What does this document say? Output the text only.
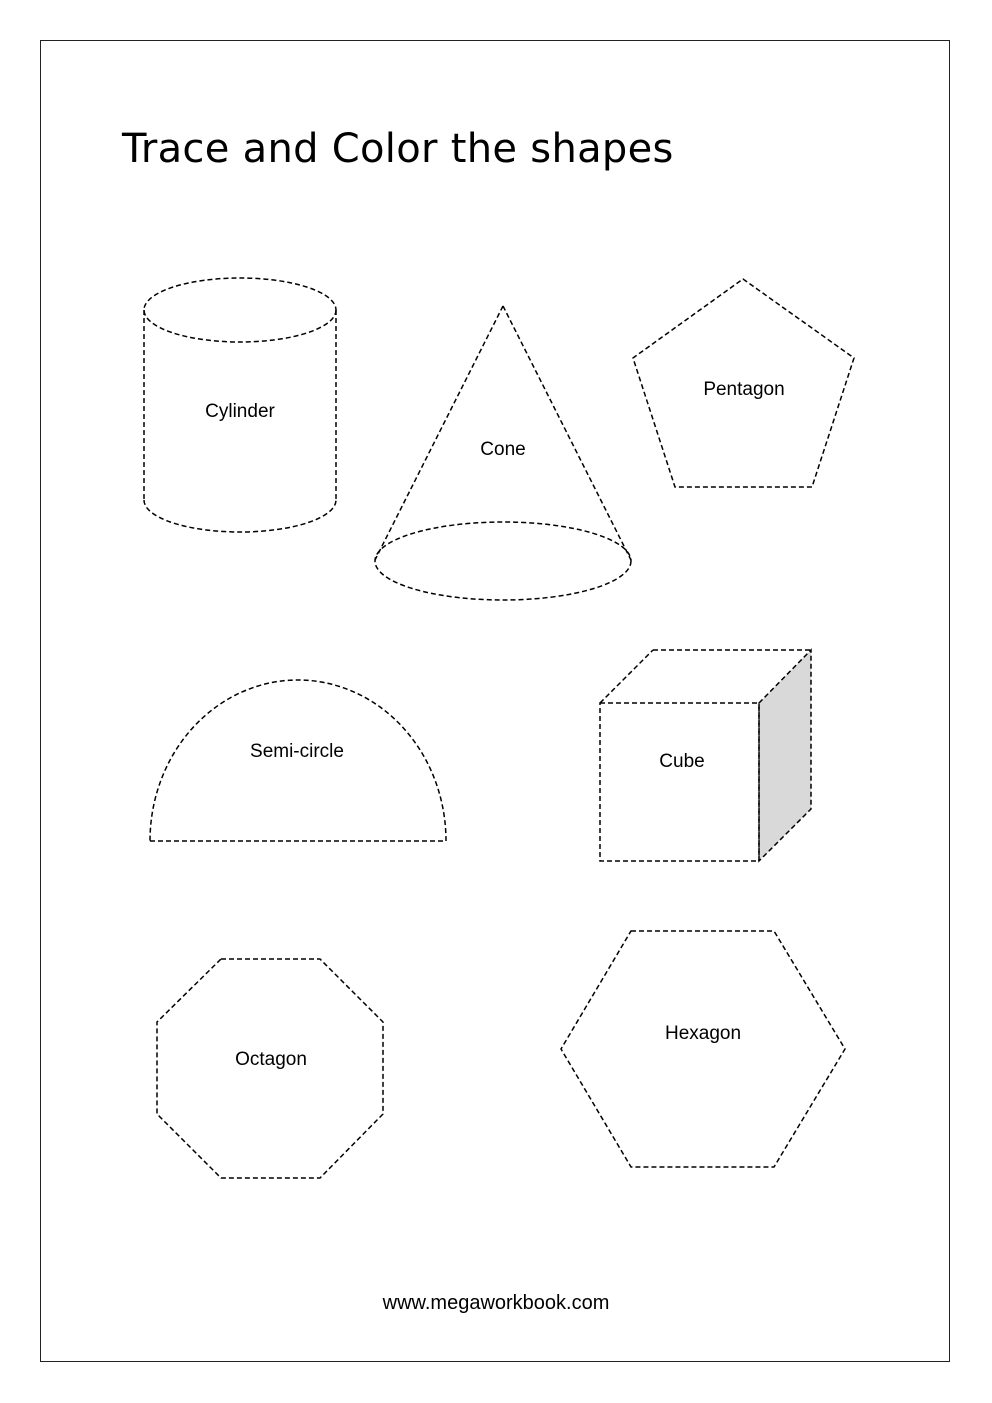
Trace and Color the shapes
Cylinder
Cone
Pentagon
Semi-circle	Cube
Octagon
Hexagon
www.megaworkbook.com
